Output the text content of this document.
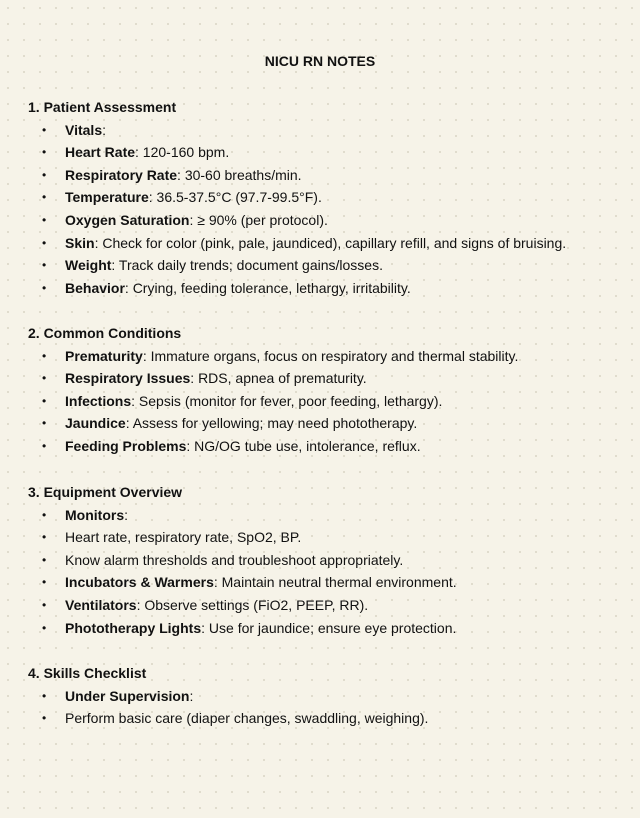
NICU RN NOTES
1. Patient Assessment
• Vitals:
• Heart Rate: 120-160 bpm.
• Respiratory Rate: 30-60 breaths/min.
• Temperature: 36.5-37.5°C (97.7-99.5°F).
• Oxygen Saturation: ≥ 90% (per protocol).
• Skin: Check for color (pink, pale, jaundiced), capillary refill, and signs of bruising.
• Weight: Track daily trends; document gains/losses.
• Behavior: Crying, feeding tolerance, lethargy, irritability.
2. Common Conditions
• Prematurity: Immature organs, focus on respiratory and thermal stability.
• Respiratory Issues: RDS, apnea of prematurity.
• Infections: Sepsis (monitor for fever, poor feeding, lethargy).
• Jaundice: Assess for yellowing; may need phototherapy.
• Feeding Problems: NG/OG tube use, intolerance, reflux.
3. Equipment Overview
• Monitors:
• Heart rate, respiratory rate, SpO2, BP.
• Know alarm thresholds and troubleshoot appropriately.
• Incubators & Warmers: Maintain neutral thermal environment.
• Ventilators: Observe settings (FiO2, PEEP, RR).
• Phototherapy Lights: Use for jaundice; ensure eye protection.
4. Skills Checklist
• Under Supervision:
• Perform basic care (diaper changes, swaddling, weighing).
